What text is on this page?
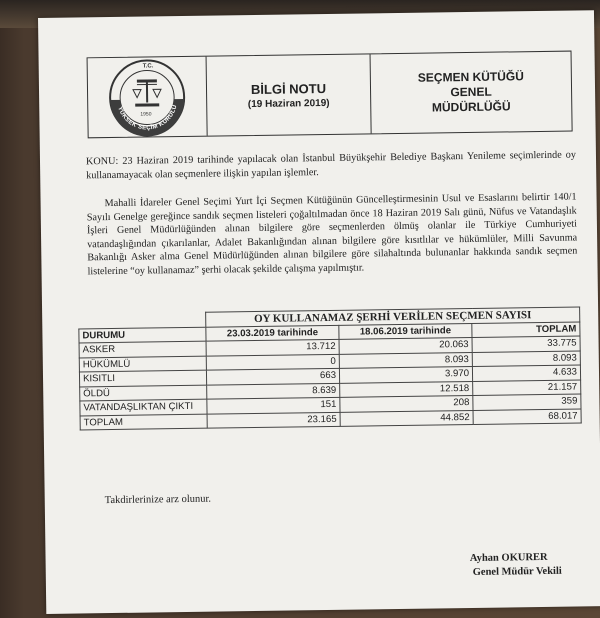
T.C.
YÜKSEK SEÇİM KURULU
1950
BİLGİ NOTU
(19 Haziran 2019)
SEÇMEN KÜTÜĞÜ
GENEL
MÜDÜRLÜĞÜ
KONU: 23 Haziran 2019 tarihinde yapılacak olan İstanbul Büyükşehir Belediye Başkanı Yenileme seçimlerinde oy kullanamayacak olan seçmenlere ilişkin yapılan işlemler.
Mahalli İdareler Genel Seçimi Yurt İçi Seçmen Kütüğünün Güncelleştirmesinin Usul ve Esaslarını belirtir 140/1 Sayılı Genelge gereğince sandık seçmen listeleri çoğaltılmadan önce 18 Haziran 2019 Salı günü, Nüfus ve Vatandaşlık İşleri Genel Müdürlüğünden alınan bilgilere göre seçmenlerden ölmüş olanlar ile Türkiye Cumhuriyeti vatandaşlığından çıkarılanlar, Adalet Bakanlığından alınan bilgilere göre kısıtlılar ve hükümlüler, Milli Savunma Bakanlığı Asker alma Genel Müdürlüğünden alınan bilgilere göre silahaltında bulunanlar hakkında sandık seçmen listelerine “oy kullanamaz” şerhi olacak şekilde çalışma yapılmıştır.
	OY KULLANAMAZ ŞERHİ VERİLEN SEÇMEN SAYISI		
DURUMU	23.03.2019 tarihinde	18.06.2019 tarihinde	TOPLAM
ASKER	13.712	20.063	33.775
HÜKÜMLÜ	0	8.093	8.093
KISITLI	663	3.970	4.633
ÖLDÜ	8.639	12.518	21.157
VATANDAŞLIKTAN ÇIKTI	151	208	359
TOPLAM	23.165	44.852	68.017
Takdirlerinize arz olunur.
Ayhan OKURER
Genel Müdür Vekili
